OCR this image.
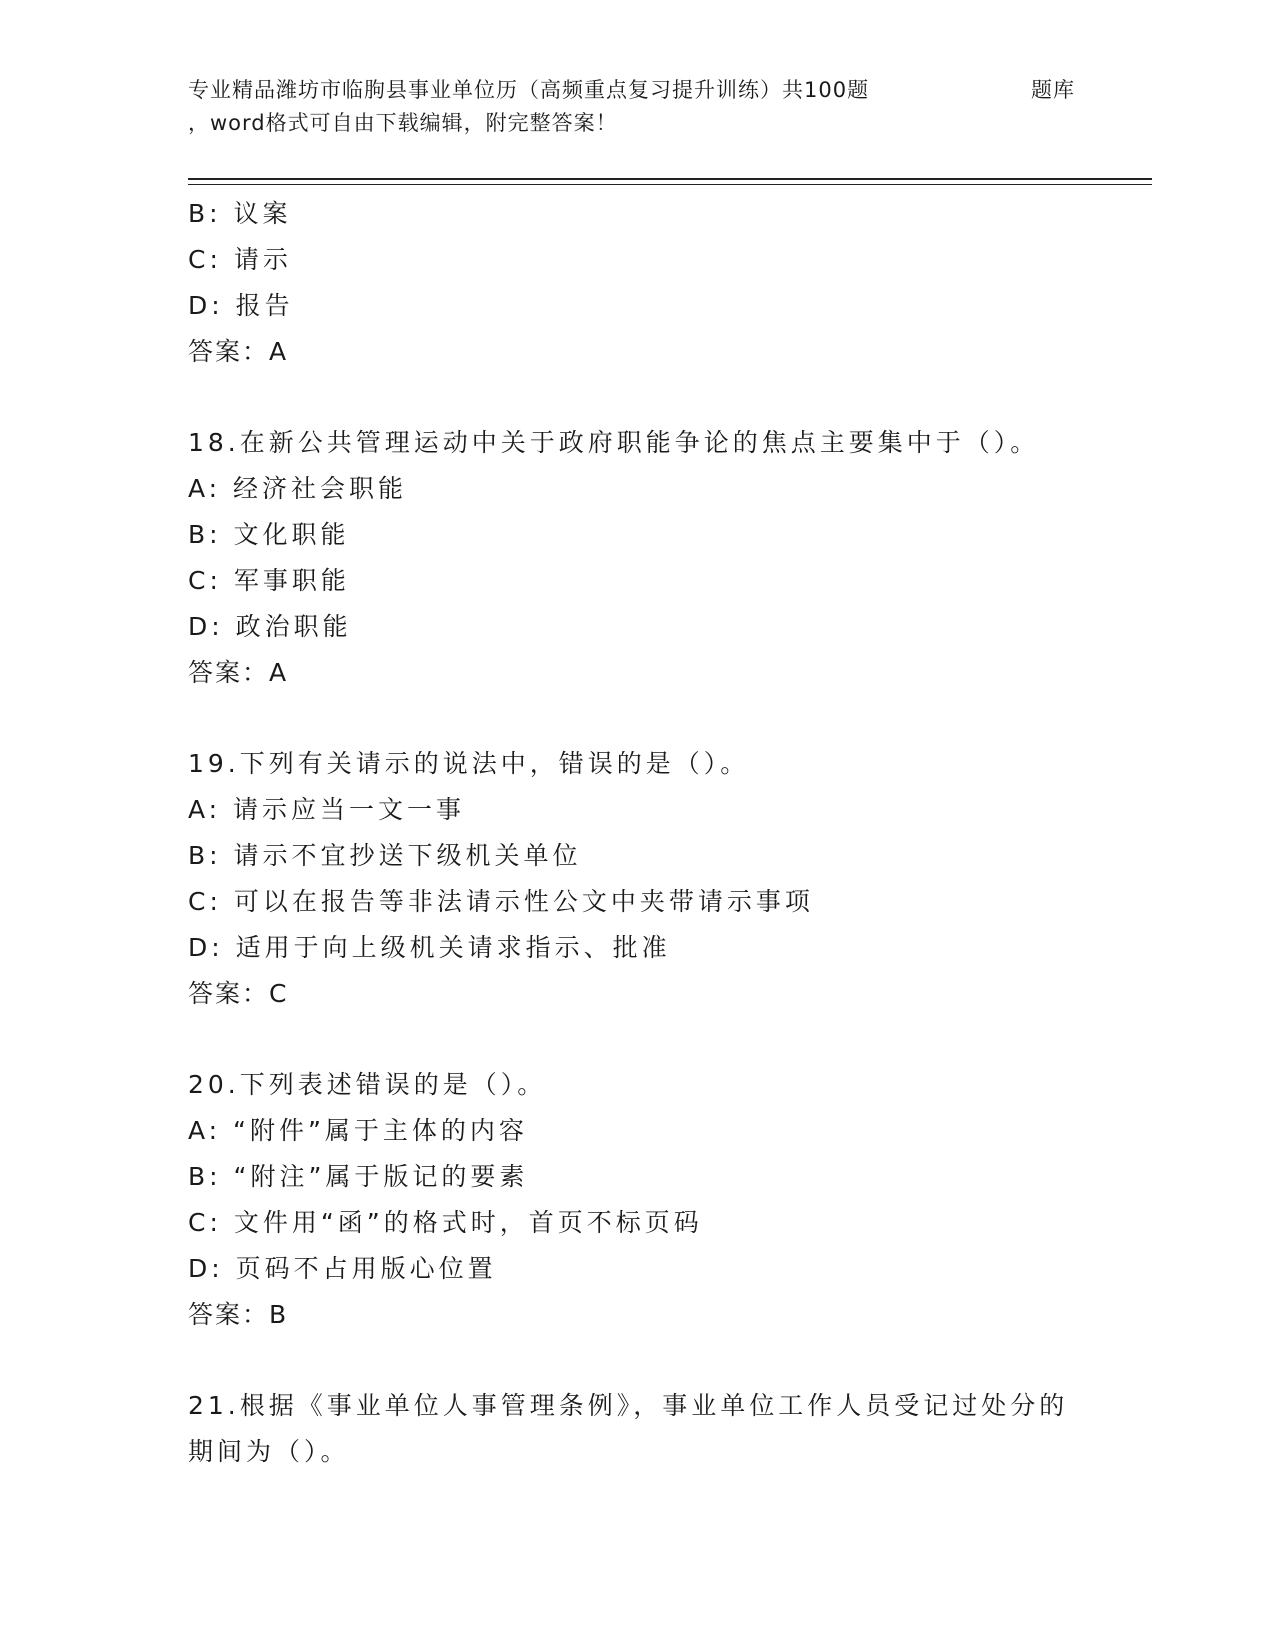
专业精品潍坊市临朐县事业单位历（高频重点复习提升训练）共100题	题库
，word格式可自由下载编辑，附完整答案！
B: 议案
C: 请示
D: 报告
答案：A
18.在新公共管理运动中关于政府职能争论的焦点主要集中于（）。
A: 经济社会职能
B: 文化职能
C: 军事职能
D: 政治职能
答案：A
19.下列有关请示的说法中，错误的是（）。
A: 请示应当一文一事
B: 请示不宜抄送下级机关单位
C: 可以在报告等非法请示性公文中夹带请示事项
D: 适用于向上级机关请求指示、批准
答案：C
20.下列表述错误的是（）。
A: “附件”属于主体的内容
B: “附注”属于版记的要素
C: 文件用“函”的格式时，首页不标页码
D: 页码不占用版心位置
答案：B
21.根据《事业单位人事管理条例》，事业单位工作人员受记过处分的
期间为（）。
